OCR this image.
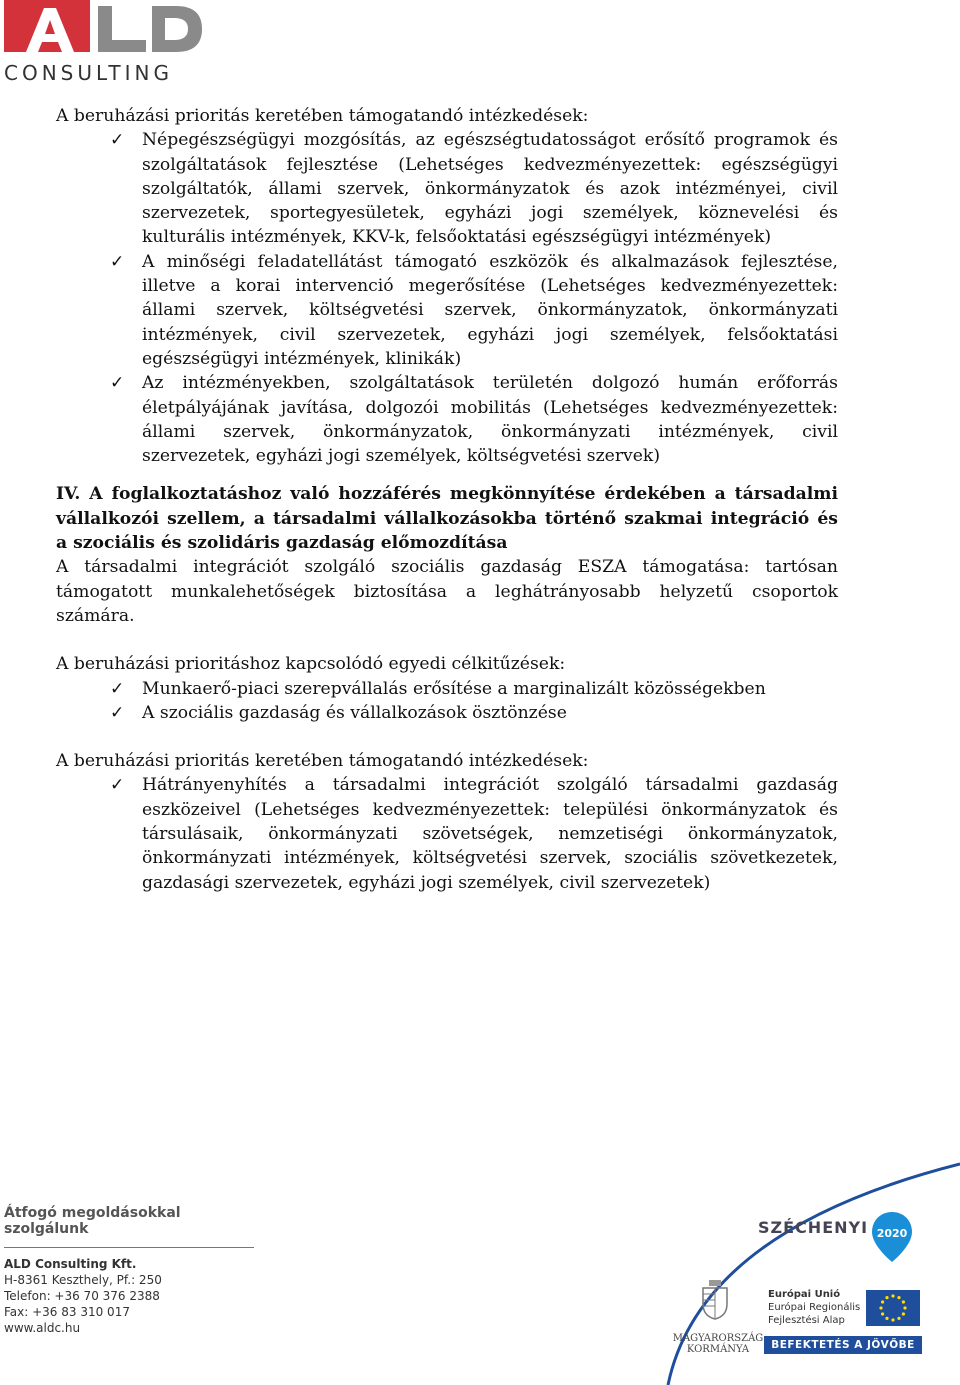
CONSULTING

A beruházási prioritás keretében támogatandó intézkedések:

✓ Népegészségügyi mozgósítás, az egészségtudatosságot erősítő programok és szolgáltatások fejlesztése (Lehetséges kedvezményezettek: egészségügyi szolgáltatók, állami szervek, önkormányzatok és azok intézményei, civil szervezetek, sportegyesületek, egyházi jogi személyek, köznevelési és kulturális intézmények, KKV-k, felsőoktatási egészségügyi intézmények)
✓ A minőségi feladatellátást támogató eszközök és alkalmazások fejlesztése, illetve a korai intervenció megerősítése (Lehetséges kedvezményezettek: állami szervek, költségvetési szervek, önkormányzatok, önkormányzati intézmények, civil szervezetek, egyházi jogi személyek, felsőoktatási egészségügyi intézmények, klinikák)
✓ Az intézményekben, szolgáltatások területén dolgozó humán erőforrás életpályájának javítása, dolgozói mobilitás (Lehetséges kedvezményezettek: állami szervek, önkormányzatok, önkormányzati intézmények, civil szervezetek, egyházi jogi személyek, költségvetési szervek)

IV. A foglalkoztatáshoz való hozzáférés megkönnyítése érdekében a társadalmi vállalkozói szellem, a társadalmi vállalkozásokba történő szakmai integráció és a szociális és szolidáris gazdaság előmozdítása

A társadalmi integrációt szolgáló szociális gazdaság ESZA támogatása: tartósan támogatott munkalehetőségek biztosítása a leghátrányosabb helyzetű csoportok számára.

A beruházási prioritáshoz kapcsolódó egyedi célkitűzések:

✓ Munkaerő-piaci szerepvállalás erősítése a marginalizált közösségekben
✓ A szociális gazdaság és vállalkozások ösztönzése

A beruházási prioritás keretében támogatandó intézkedések:

✓ Hátrányenyhítés a társadalmi integrációt szolgáló társadalmi gazdaság eszközeivel (Lehetséges kedvezményezettek: települési önkormányzatok és társulásaik, önkormányzati szövetségek, nemzetiségi önkormányzatok, önkormányzati intézmények, költségvetési szervek, szociális szövetkezetek, gazdasági szervezetek, egyházi jogi személyek, civil szervezetek)
Átfogó megoldásokkal szolgálunk
ALD Consulting Kft.
H-8361 Keszthely, Pf.: 250
Telefon: +36 70 376 2388
Fax: +36 83 310 017
www.aldc.hu
SZÉCHENYI 2020
MAGYARORSZÁG
KORMÁNYA
Európai Unió
Európai Regionális
Fejlesztési Alap
BEFEKTETÉS A JÖVŐBE
